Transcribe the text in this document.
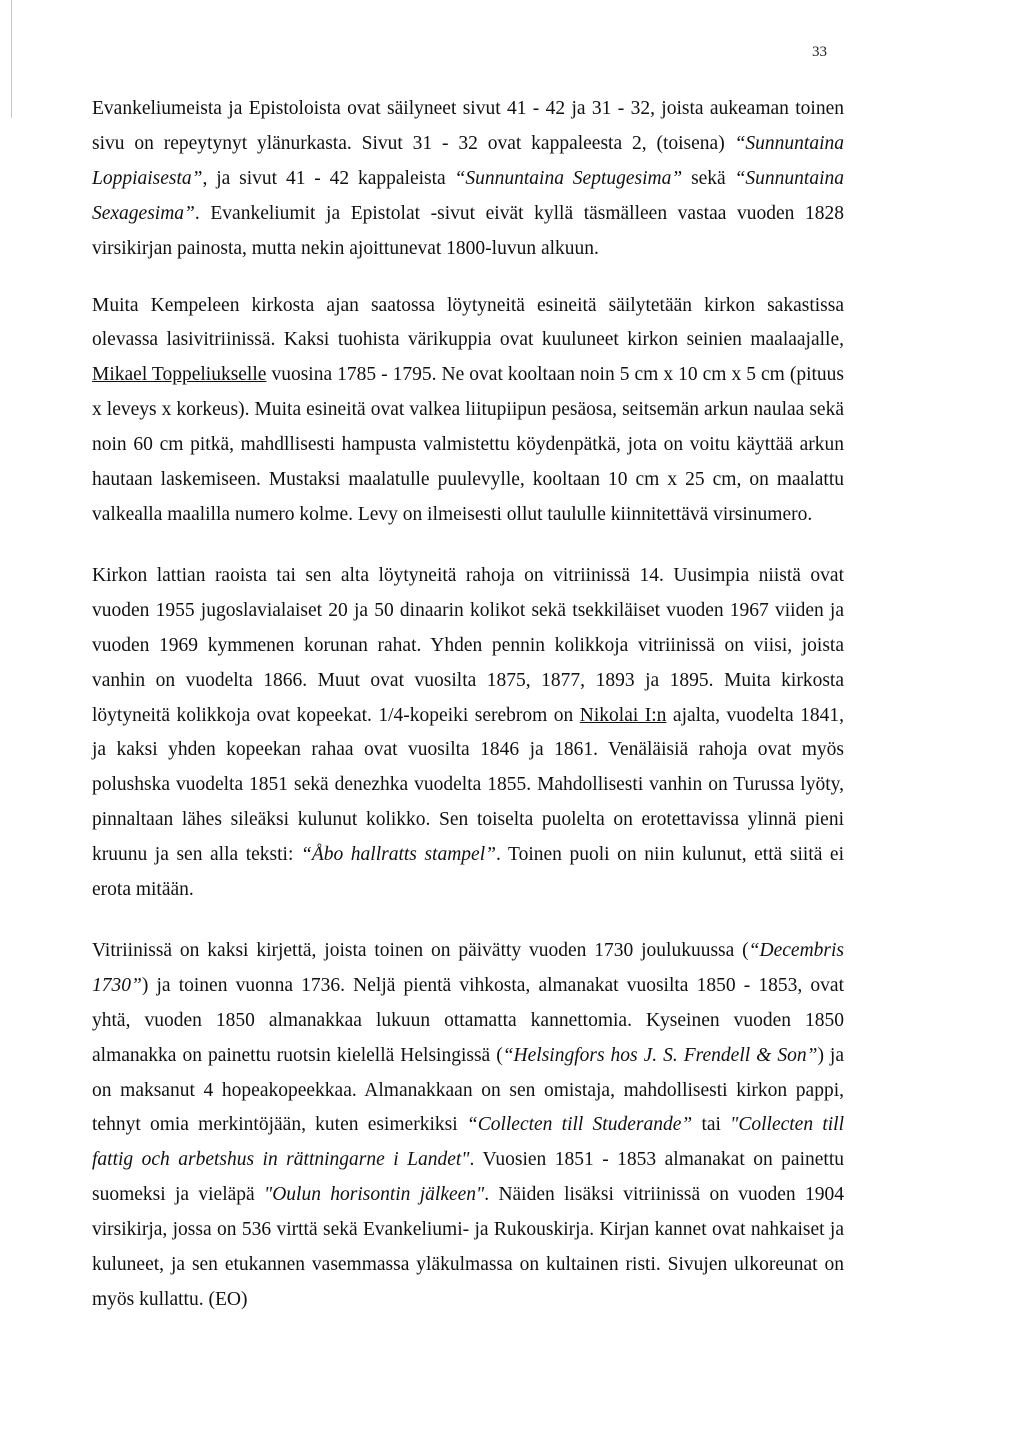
33

Evankeliumeista ja Epistoloista ovat säilyneet sivut 41 - 42 ja 31 - 32, joista aukeaman toinen sivu on repeytynyt ylänurkasta. Sivut 31 - 32 ovat kappaleesta 2, (toisena) “Sunnuntaina Loppiaisesta”, ja sivut 41 - 42 kappaleista “Sunnuntaina Septugesima” sekä “Sunnuntaina Sexagesima”. Evankeliumit ja Epistolat -sivut eivät kyllä täsmälleen vastaa vuoden 1828 virsikirjan painosta, mutta nekin ajoittunevat 1800-luvun alkuun.

Muita Kempeleen kirkosta ajan saatossa löytyneitä esineitä säilytetään kirkon sakastissa olevassa lasivitriinissä. Kaksi tuohista värikuppia ovat kuuluneet kirkon seinien maalaajalle, Mikael Toppeliukselle vuosina 1785 - 1795. Ne ovat kooltaan noin 5 cm x 10 cm x 5 cm (pituus x leveys x korkeus). Muita esineitä ovat valkea liitupiipun pesäosa, seitsemän arkun naulaa sekä noin 60 cm pitkä, mahdllisesti hampusta valmistettu köydenpätkä, jota on voitu käyttää arkun hautaan laskemiseen. Mustaksi maalatulle puulevylle, kooltaan 10 cm x 25 cm, on maalattu valkealla maalilla numero kolme. Levy on ilmeisesti ollut taululle kiinnitettävä virsinumero.

Kirkon lattian raoista tai sen alta löytyneitä rahoja on vitriinissä 14. Uusimpia niistä ovat vuoden 1955 jugoslavialaiset 20 ja 50 dinaarin kolikot sekä tsekkiläiset vuoden 1967 viiden ja vuoden 1969 kymmenen korunan rahat. Yhden pennin kolikkoja vitriinissä on viisi, joista vanhin on vuodelta 1866. Muut ovat vuosilta 1875, 1877, 1893 ja 1895. Muita kirkosta löytyneitä kolikkoja ovat kopeekat. 1/4-kopeiki serebrom on Nikolai I:n ajalta, vuodelta 1841, ja kaksi yhden kopeekan rahaa ovat vuosilta 1846 ja 1861. Venäläisiä rahoja ovat myös polushska vuodelta 1851 sekä denezhka vuodelta 1855. Mahdollisesti vanhin on Turussa lyöty, pinnaltaan lähes sileäksi kulunut kolikko. Sen toiselta puolelta on erotettavissa ylinnä pieni kruunu ja sen alla teksti: “Åbo hallratts stampel”. Toinen puoli on niin kulunut, että siitä ei erota mitään.

Vitriinissä on kaksi kirjettä, joista toinen on päivätty vuoden 1730 joulukuussa (“Decembris 1730”) ja toinen vuonna 1736. Neljä pientä vihkosta, almanakat vuosilta 1850 - 1853, ovat yhtä, vuoden 1850 almanakkaa lukuun ottamatta kannettomia. Kyseinen vuoden 1850 almanakka on painettu ruotsin kielellä Helsingissä (“Helsingfors hos J. S. Frendell & Son”) ja on maksanut 4 hopeakopeekkaa. Almanakkaan on sen omistaja, mahdollisesti kirkon pappi, tehnyt omia merkintöjään, kuten esimerkiksi “Collecten till Studerande” tai "Collecten till fattig och arbetshus in rättningarne i Landet". Vuosien 1851 - 1853 almanakat on painettu suomeksi ja vieläpä "Oulun horisontin jälkeen". Näiden lisäksi vitriinissä on vuoden 1904 virsikirja, jossa on 536 virttä sekä Evankeliumi- ja Rukouskirja. Kirjan kannet ovat nahkaiset ja kuluneet, ja sen etukannen vasemmassa yläkulmassa on kultainen risti. Sivujen ulkoreunat on myös kullattu. (EO)
